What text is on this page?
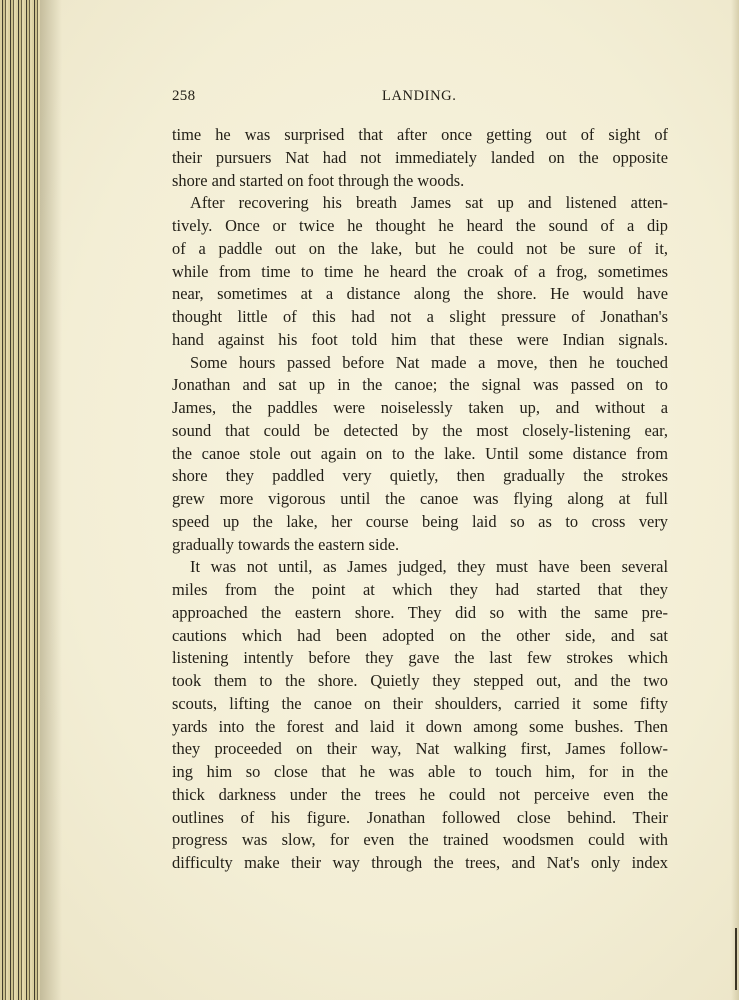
258	LANDING.
time he was surprised that after once getting out of sight of
their pursuers Nat had not immediately landed on the opposite
shore and started on foot through the woods.
After recovering his breath James sat up and listened atten-
tively. Once or twice he thought he heard the sound of a dip
of a paddle out on the lake, but he could not be sure of it,
while from time to time he heard the croak of a frog, sometimes
near, sometimes at a distance along the shore. He would have
thought little of this had not a slight pressure of Jonathan's
hand against his foot told him that these were Indian signals.
Some hours passed before Nat made a move, then he touched
Jonathan and sat up in the canoe; the signal was passed on to
James, the paddles were noiselessly taken up, and without a
sound that could be detected by the most closely-listening ear,
the canoe stole out again on to the lake. Until some distance from
shore they paddled very quietly, then gradually the strokes
grew more vigorous until the canoe was flying along at full
speed up the lake, her course being laid so as to cross very
gradually towards the eastern side.
It was not until, as James judged, they must have been several
miles from the point at which they had started that they
approached the eastern shore. They did so with the same pre-
cautions which had been adopted on the other side, and sat
listening intently before they gave the last few strokes which
took them to the shore. Quietly they stepped out, and the two
scouts, lifting the canoe on their shoulders, carried it some fifty
yards into the forest and laid it down among some bushes. Then
they proceeded on their way, Nat walking first, James follow-
ing him so close that he was able to touch him, for in the
thick darkness under the trees he could not perceive even the
outlines of his figure. Jonathan followed close behind. Their
progress was slow, for even the trained woodsmen could with
difficulty make their way through the trees, and Nat's only index
